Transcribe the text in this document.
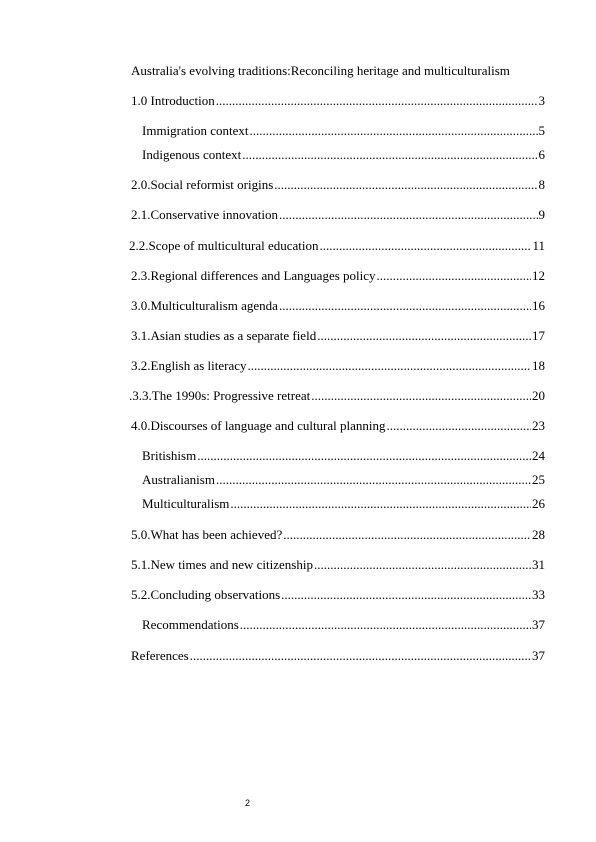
Australia's evolving traditions:Reconciling heritage and multiculturalism
1.0 Introduction .....	3
Immigration context .....	5
Indigenous context .....	6
2.0.Social reformist origins .....	8
2.1.Conservative innovation .....	9
2.2.Scope of multicultural education .....	11
2.3.Regional differences and Languages policy .....	12
3.0.Multiculturalism agenda .....	16
3.1.Asian studies as a separate field .....	17
3.2.English as literacy .....	18
.3.3.The 1990s: Progressive retreat .....	20
4.0.Discourses of language and cultural planning .....	23
Britishism .....	24
Australianism .....	25
Multiculturalism .....	26
5.0.What has been achieved? .....	28
5.1.New times and new citizenship .....	31
5.2.Concluding observations .....	33
Recommendations .....	37
References .....	37
2
